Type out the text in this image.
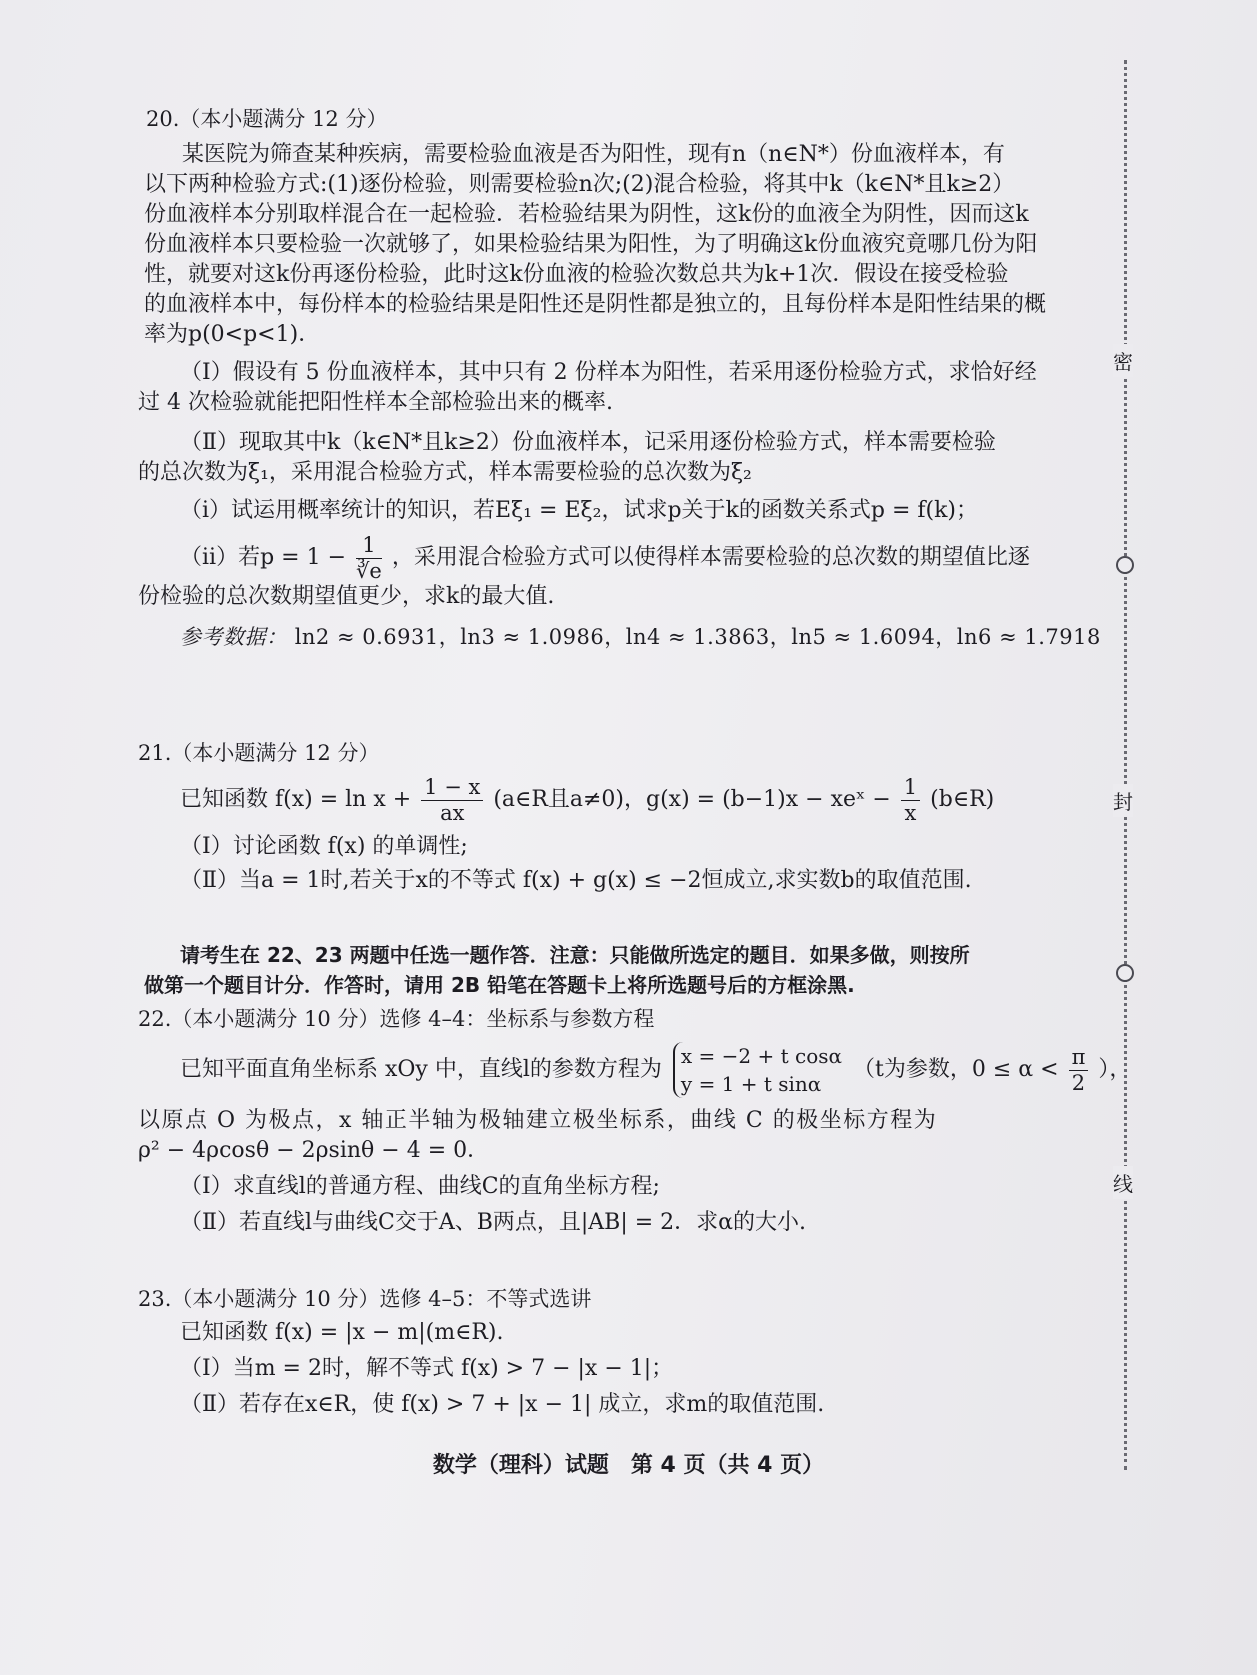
20.（本小题满分 12 分）
某医院为筛查某种疾病，需要检验血液是否为阳性，现有n（n∈N*）份血液样本，有
以下两种检验方式:(1)逐份检验，则需要检验n次;(2)混合检验，将其中k（k∈N*且k≥2）
份血液样本分别取样混合在一起检验．若检验结果为阴性，这k份的血液全为阴性，因而这k
份血液样本只要检验一次就够了，如果检验结果为阳性，为了明确这k份血液究竟哪几份为阳
性，就要对这k份再逐份检验，此时这k份血液的检验次数总共为k+1次．假设在接受检验
的血液样本中，每份样本的检验结果是阳性还是阴性都是独立的，且每份样本是阳性结果的概
率为p(0<p<1)．
（Ⅰ）假设有 5 份血液样本，其中只有 2 份样本为阳性，若采用逐份检验方式，求恰好经
过 4 次检验就能把阳性样本全部检验出来的概率.
（Ⅱ）现取其中k（k∈N*且k≥2）份血液样本，记采用逐份检验方式，样本需要检验
的总次数为ξ₁，采用混合检验方式，样本需要检验的总次数为ξ₂
（ⅰ）试运用概率统计的知识，若Eξ₁ = Eξ₂，试求p关于k的函数关系式p = f(k)；
（ⅱ）若$p = 1 - \frac{1}{∛e}$ ，采用混合检验方式可以使得样本需要检验的总次数的期望值比逐
份检验的总次数期望值更少，求k的最大值.
参考数据： ln2 ≈ 0.6931，ln3 ≈ 1.0986，ln4 ≈ 1.3863，ln5 ≈ 1.6094，ln6 ≈ 1.7918
21.（本小题满分 12 分）
已知函数 $f(x) = \ln x + \frac{1 - x}{ax}$ (a∈R且a≠0)，g(x) = (b−1)x − xeˣ − $\frac{1}{x}$ (b∈R)
（Ⅰ）讨论函数 f(x) 的单调性;
（Ⅱ）当a = 1时,若关于x的不等式 f(x) + g(x) ≤ −2恒成立,求实数b的取值范围.
请考生在 22、23 两题中任选一题作答．注意：只能做所选定的题目．如果多做，则按所
做第一个题目计分．作答时，请用 2B 铅笔在答题卡上将所选题号后的方框涂黑.
22.（本小题满分 10 分）选修 4–4：坐标系与参数方程
已知平面直角坐标系 xOy 中，直线l的参数方程为
x = −2 + t cosα
y = 1 + t sinα
（t为参数，$0 \le \alpha < \frac{\pi}{2}$ ），
以原点 O 为极点，x 轴正半轴为极轴建立极坐标系，曲线 C 的极坐标方程为
ρ² − 4ρcosθ − 2ρsinθ − 4 = 0．
（Ⅰ）求直线l的普通方程、曲线C的直角坐标方程;
（Ⅱ）若直线l与曲线C交于A、B两点，且|AB| = 2．求α的大小.
23.（本小题满分 10 分）选修 4–5：不等式选讲
已知函数 f(x) = |x − m|(m∈R).
（Ⅰ）当m = 2时，解不等式 f(x) > 7 − |x − 1|；
（Ⅱ）若存在x∈R，使 f(x) > 7 + |x − 1| 成立，求m的取值范围.
密
封
线
数学（理科）试题　第 4 页（共 4 页）
